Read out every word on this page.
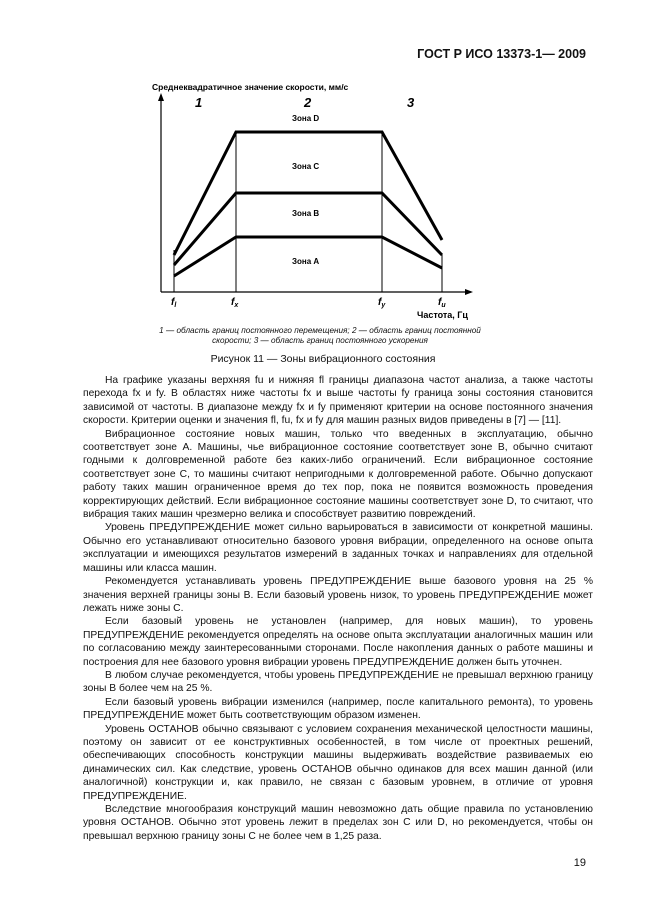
ГОСТ Р ИСО 13373-1— 2009
Среднеквадратичное значение скорости, мм/с
1	2	3
Зона D
Зона C
Зона B
Зона A
$f_l$	$f_x$	$f_y$	$f_u$
Частота, Гц
1 — область границ постоянного перемещения; 2 — область границ постоянной скорости; 3 — область границ постоянного ускорения
Рисунок 11 — Зоны вибрационного состояния

На графике указаны верхняя fu и нижняя fl границы диапазона частот анализа, а также частоты перехода fx и fy. В областях ниже частоты fx и выше частоты fy граница зоны состояния становится зависимой от частоты. В диапазоне между fx и fy применяют критерии на основе постоянного значения скорости. Критерии оценки и значения fl, fu, fx и fy для машин разных видов приведены в [7] — [11].

Вибрационное состояние новых машин, только что введенных в эксплуатацию, обычно соответствует зоне A. Машины, чье вибрационное состояние соответствует зоне B, обычно считают годными к долговременной работе без каких-либо ограничений. Если вибрационное состояние соответствует зоне C, то машины считают непригодными к долговременной работе. Обычно допускают работу таких машин ограниченное время до тех пор, пока не появится возможность проведения корректирующих действий. Если вибрационное состояние машины соответствует зоне D, то считают, что вибрация таких машин чрезмерно велика и способствует развитию повреждений.

Уровень ПРЕДУПРЕЖДЕНИЕ может сильно варьироваться в зависимости от конкретной машины. Обычно его устанавливают относительно базового уровня вибрации, определенного на основе опыта эксплуатации и имеющихся результатов измерений в заданных точках и направлениях для отдельной машины или класса машин.

Рекомендуется устанавливать уровень ПРЕДУПРЕЖДЕНИЕ выше базового уровня на 25 % значения верхней границы зоны B. Если базовый уровень низок, то уровень ПРЕДУПРЕЖДЕНИЕ может лежать ниже зоны C.

Если базовый уровень не установлен (например, для новых машин), то уровень ПРЕДУПРЕЖДЕНИЕ рекомендуется определять на основе опыта эксплуатации аналогичных машин или по согласованию между заинтересованными сторонами. После накопления данных о работе машины и построения для нее базового уровня вибрации уровень ПРЕДУПРЕЖДЕНИЕ должен быть уточнен.

В любом случае рекомендуется, чтобы уровень ПРЕДУПРЕЖДЕНИЕ не превышал верхнюю границу зоны B более чем на 25 %.

Если базовый уровень вибрации изменился (например, после капитального ремонта), то уровень ПРЕДУПРЕЖДЕНИЕ может быть соответствующим образом изменен.

Уровень ОСТАНОВ обычно связывают с условием сохранения механической целостности машины, поэтому он зависит от ее конструктивных особенностей, в том числе от проектных решений, обеспечивающих способность конструкции машины выдерживать воздействие развиваемых ею динамических сил. Как следствие, уровень ОСТАНОВ обычно одинаков для всех машин данной (или аналогичной) конструкции и, как правило, не связан с базовым уровнем, в отличие от уровня ПРЕДУПРЕЖДЕНИЕ.

Вследствие многообразия конструкций машин невозможно дать общие правила по установлению уровня ОСТАНОВ. Обычно этот уровень лежит в пределах зон C или D, но рекомендуется, чтобы он превышал верхнюю границу зоны C не более чем в 1,25 раза.

19
